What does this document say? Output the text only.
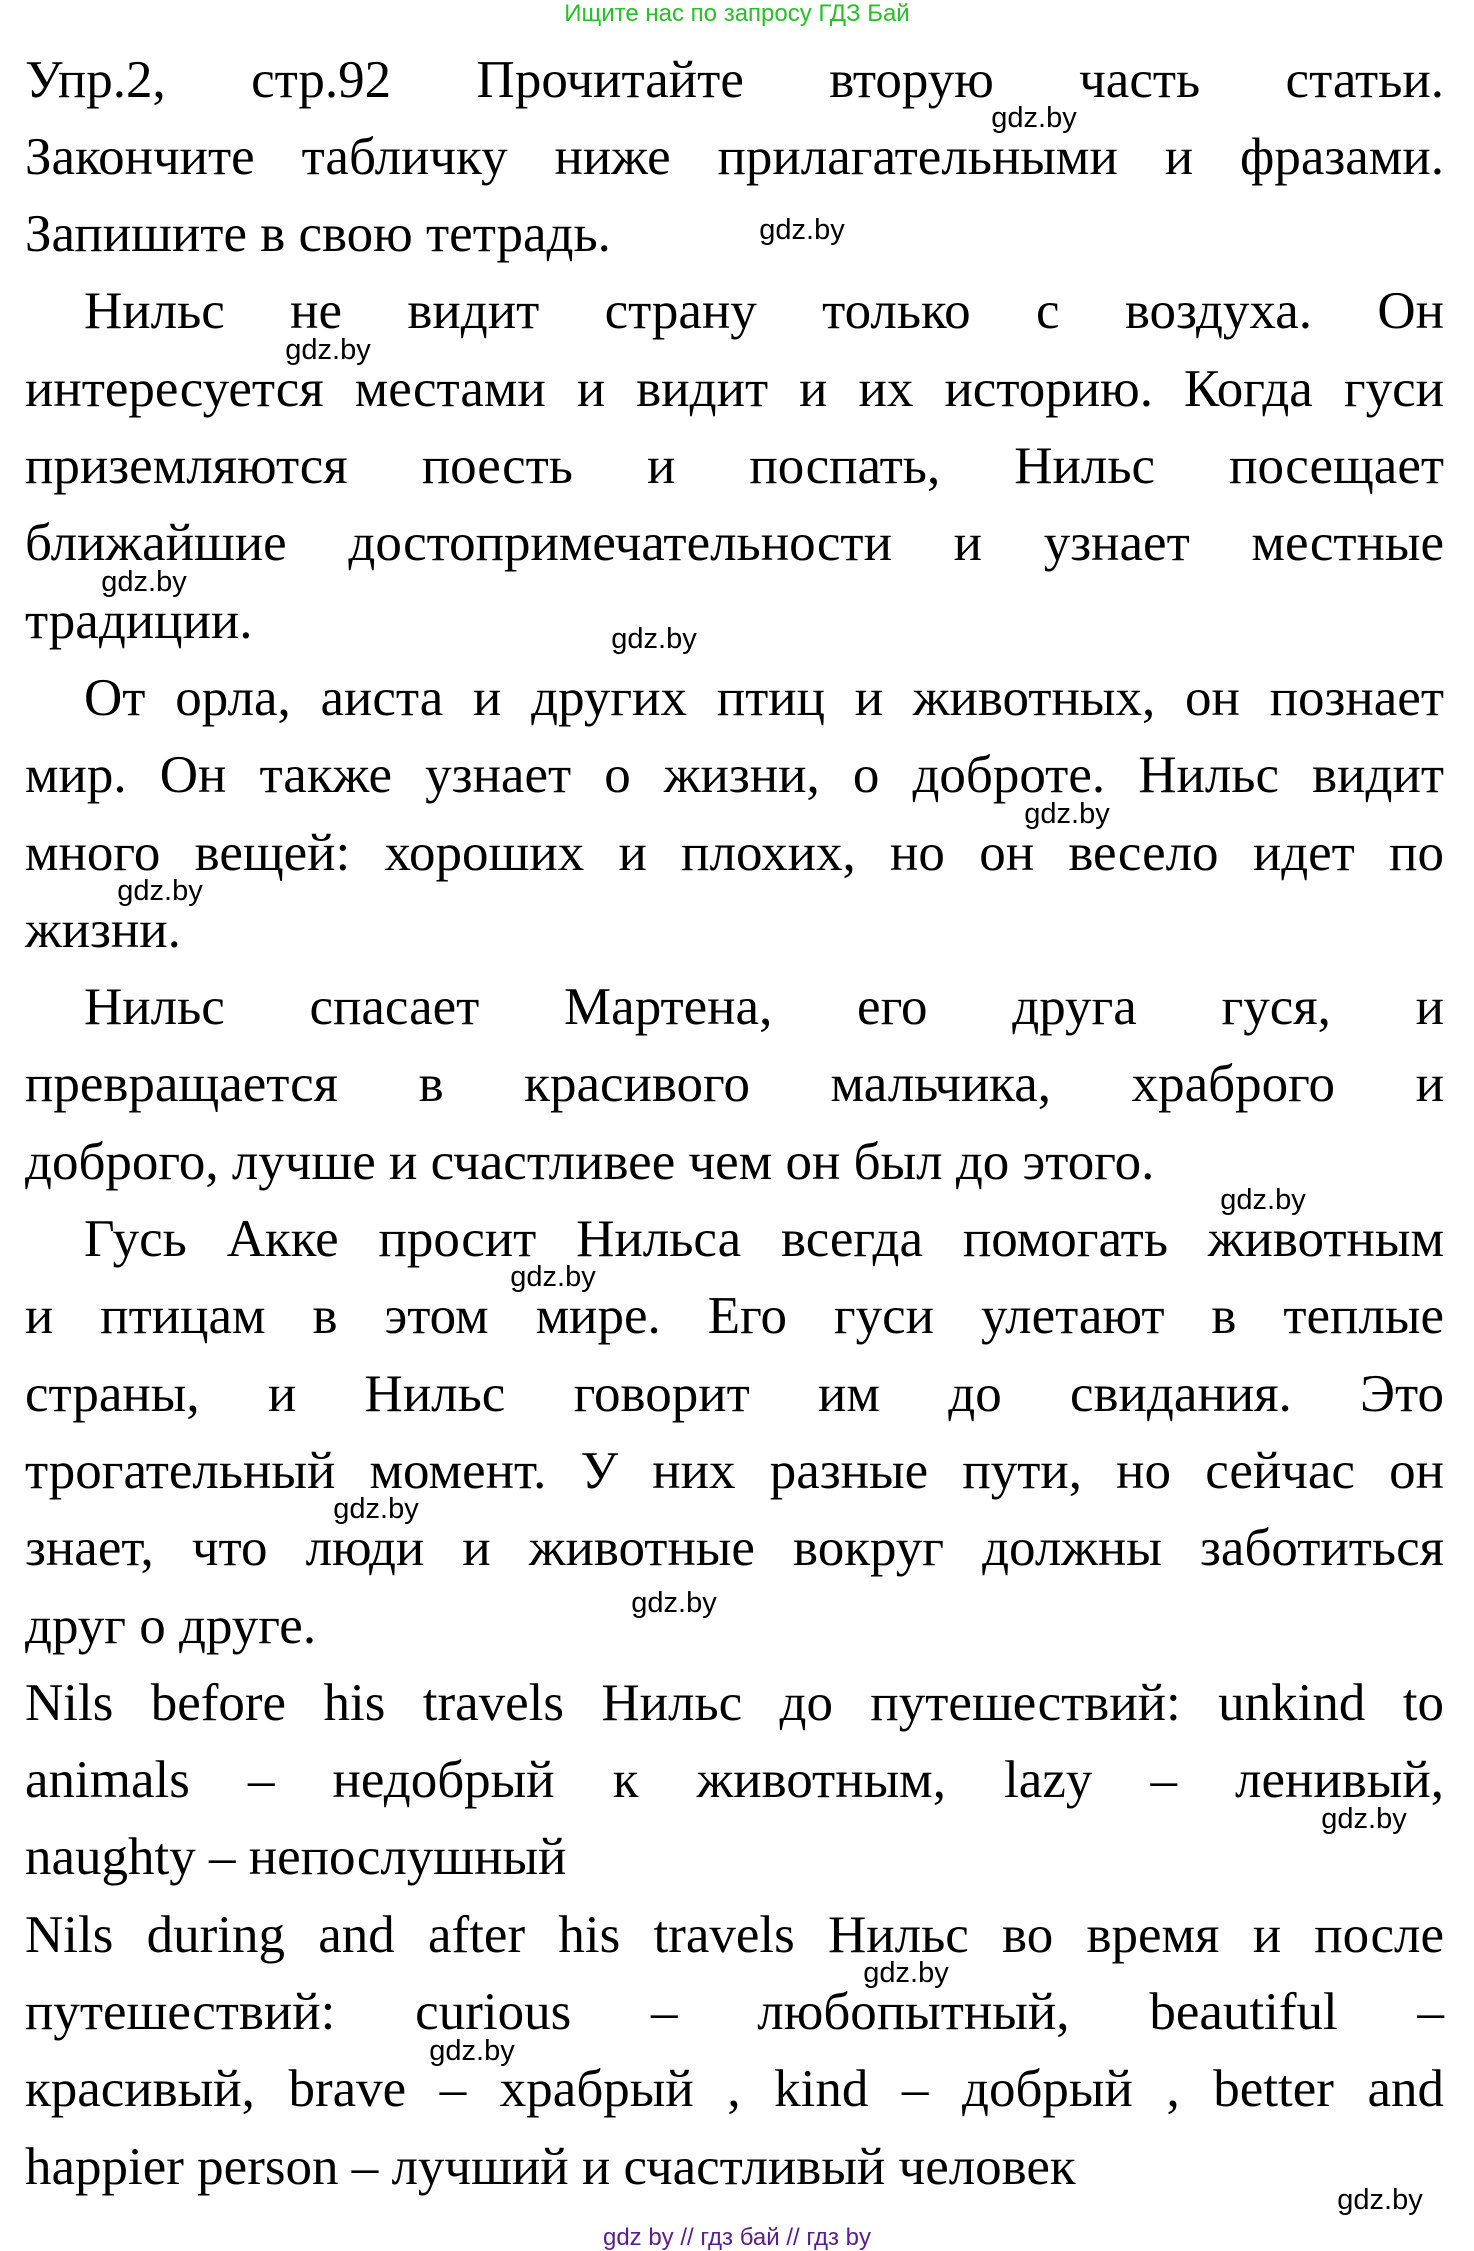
Ищите нас по запросу ГДЗ Бай
Упр.2, стр.92 Прочитайте вторую часть статьи.
Закончите табличку ниже прилагательными и фразами.
Запишите в свою тетрадь.
Нильс не видит страну только с воздуха. Он
интересуется местами и видит и их историю. Когда гуси
приземляются поесть и поспать, Нильс посещает
ближайшие достопримечательности и узнает местные
традиции.
От орла, аиста и других птиц и животных, он познает
мир. Он также узнает о жизни, о доброте. Нильс видит
много вещей: хороших и плохих, но он весело идет по
жизни.
Нильс спасает Мартена, его друга гуся, и
превращается в красивого мальчика, храброго и
доброго, лучше и счастливее чем он был до этого.
Гусь Акке просит Нильса всегда помогать животным
и птицам в этом мире. Его гуси улетают в теплые
страны, и Нильс говорит им до свидания. Это
трогательный момент. У них разные пути, но сейчас он
знает, что люди и животные вокруг должны заботиться
друг о друге.
Nils before his travels Нильс до путешествий: unkind to
animals – недобрый к животным, lazy – ленивый,
naughty – непослушный
Nils during and after his travels Нильс во время и после
путешествий: curious – любопытный, beautiful –
красивый, brave – храбрый , kind – добрый , better and
happier person – лучший и счастливый человек
gdz.by
gdz.by
gdz.by
gdz.by
gdz.by
gdz.by
gdz.by
gdz.by
gdz.by
gdz.by
gdz.by
gdz.by
gdz.by
gdz.by
gdz.by
gdz by // гдз бай // гдз by
